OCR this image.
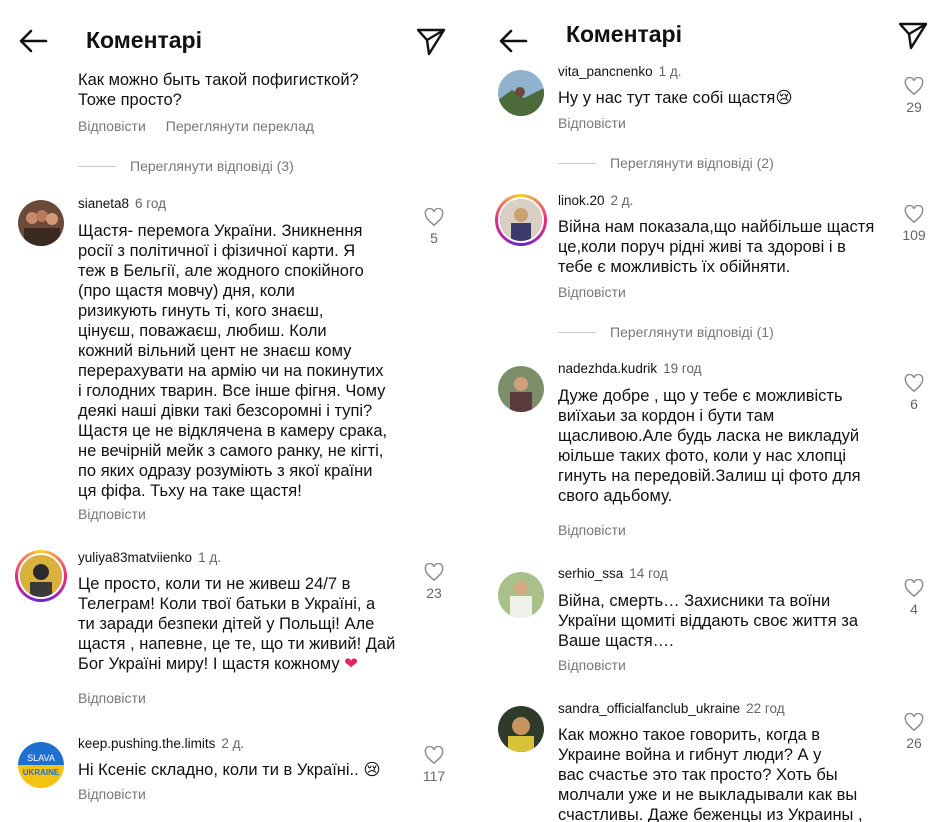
Коментарі
Как можно быть такой пофигисткой?
Тоже просто?
Відповісти Переглянути переклад
Переглянути відповіді (3)
sianeta8 6 год
Щастя- перемога України. Зникнення
росії з політичної і фізичної карти. Я
теж в Бельгії, але жодного спокійного
(про щастя мовчу) дня, коли
ризикують гинуть ті, кого знаєш,
цінуєш, поважаєш, любиш. Коли
кожний вільний цент не знаєш кому
перерахувати на армію чи на покинутих
і голодних тварин. Все інше фігня. Чому
деякі наші дівки такі безсоромні і тупі?
Щастя це не відклячена в камеру срака,
не вечірній мейк з самого ранку, не кігті,
по яких одразу розуміють з якої країни
ця фіфа. Тьху на таке щастя!
Відповісти
5
yuliya83matviienko 1 д.
Це просто, коли ти не живеш 24/7 в
Телеграм! Коли твої батьки в Україні, а
ти заради безпеки дітей у Польщі! Але
щастя , напевне, це те, що ти живий! Дай
Бог Україні миру! І щастя кожному ❤
Відповісти
23
SLAVA
UKRAINE
keep.pushing.the.limits 2 д.
Ні Ксеніє складно, коли ти в Україні.. 😢
Відповісти
117
Коментарі
vita_pancnenko 1 д.
Ну у нас тут таке собі щастя😢
Відповісти
29
Переглянути відповіді (2)
linok.20 2 д.
Війна нам показала,що найбільше щастя
це,коли поруч рідні живі та здорові і в
тебе є можливість їх обійняти.
Відповісти
109
Переглянути відповіді (1)
nadezhda.kudrik 19 год
Дуже добре , що у тебе є можливість
виїхаьи за кордон і бути там
щасливою.Але будь ласка не викладуй
юільше таких фото, коли у нас хлопці
гинуть на передовій.Залиш ці фото для
свого адьбому.
Відповісти
6
serhio_ssa 14 год
Війна, смерть… Захисники та воїни
України щомиті віддають своє життя за
Ваше щастя….
Відповісти
4
sandra_officialfanclub_ukraine 22 год
Как можно такое говорить, когда в
Украине война и гибнут люди? А у
вас счастье это так просто? Хоть бы
молчали уже и не выкладывали как вы
счастливы. Даже беженцы из Украины ,
26
